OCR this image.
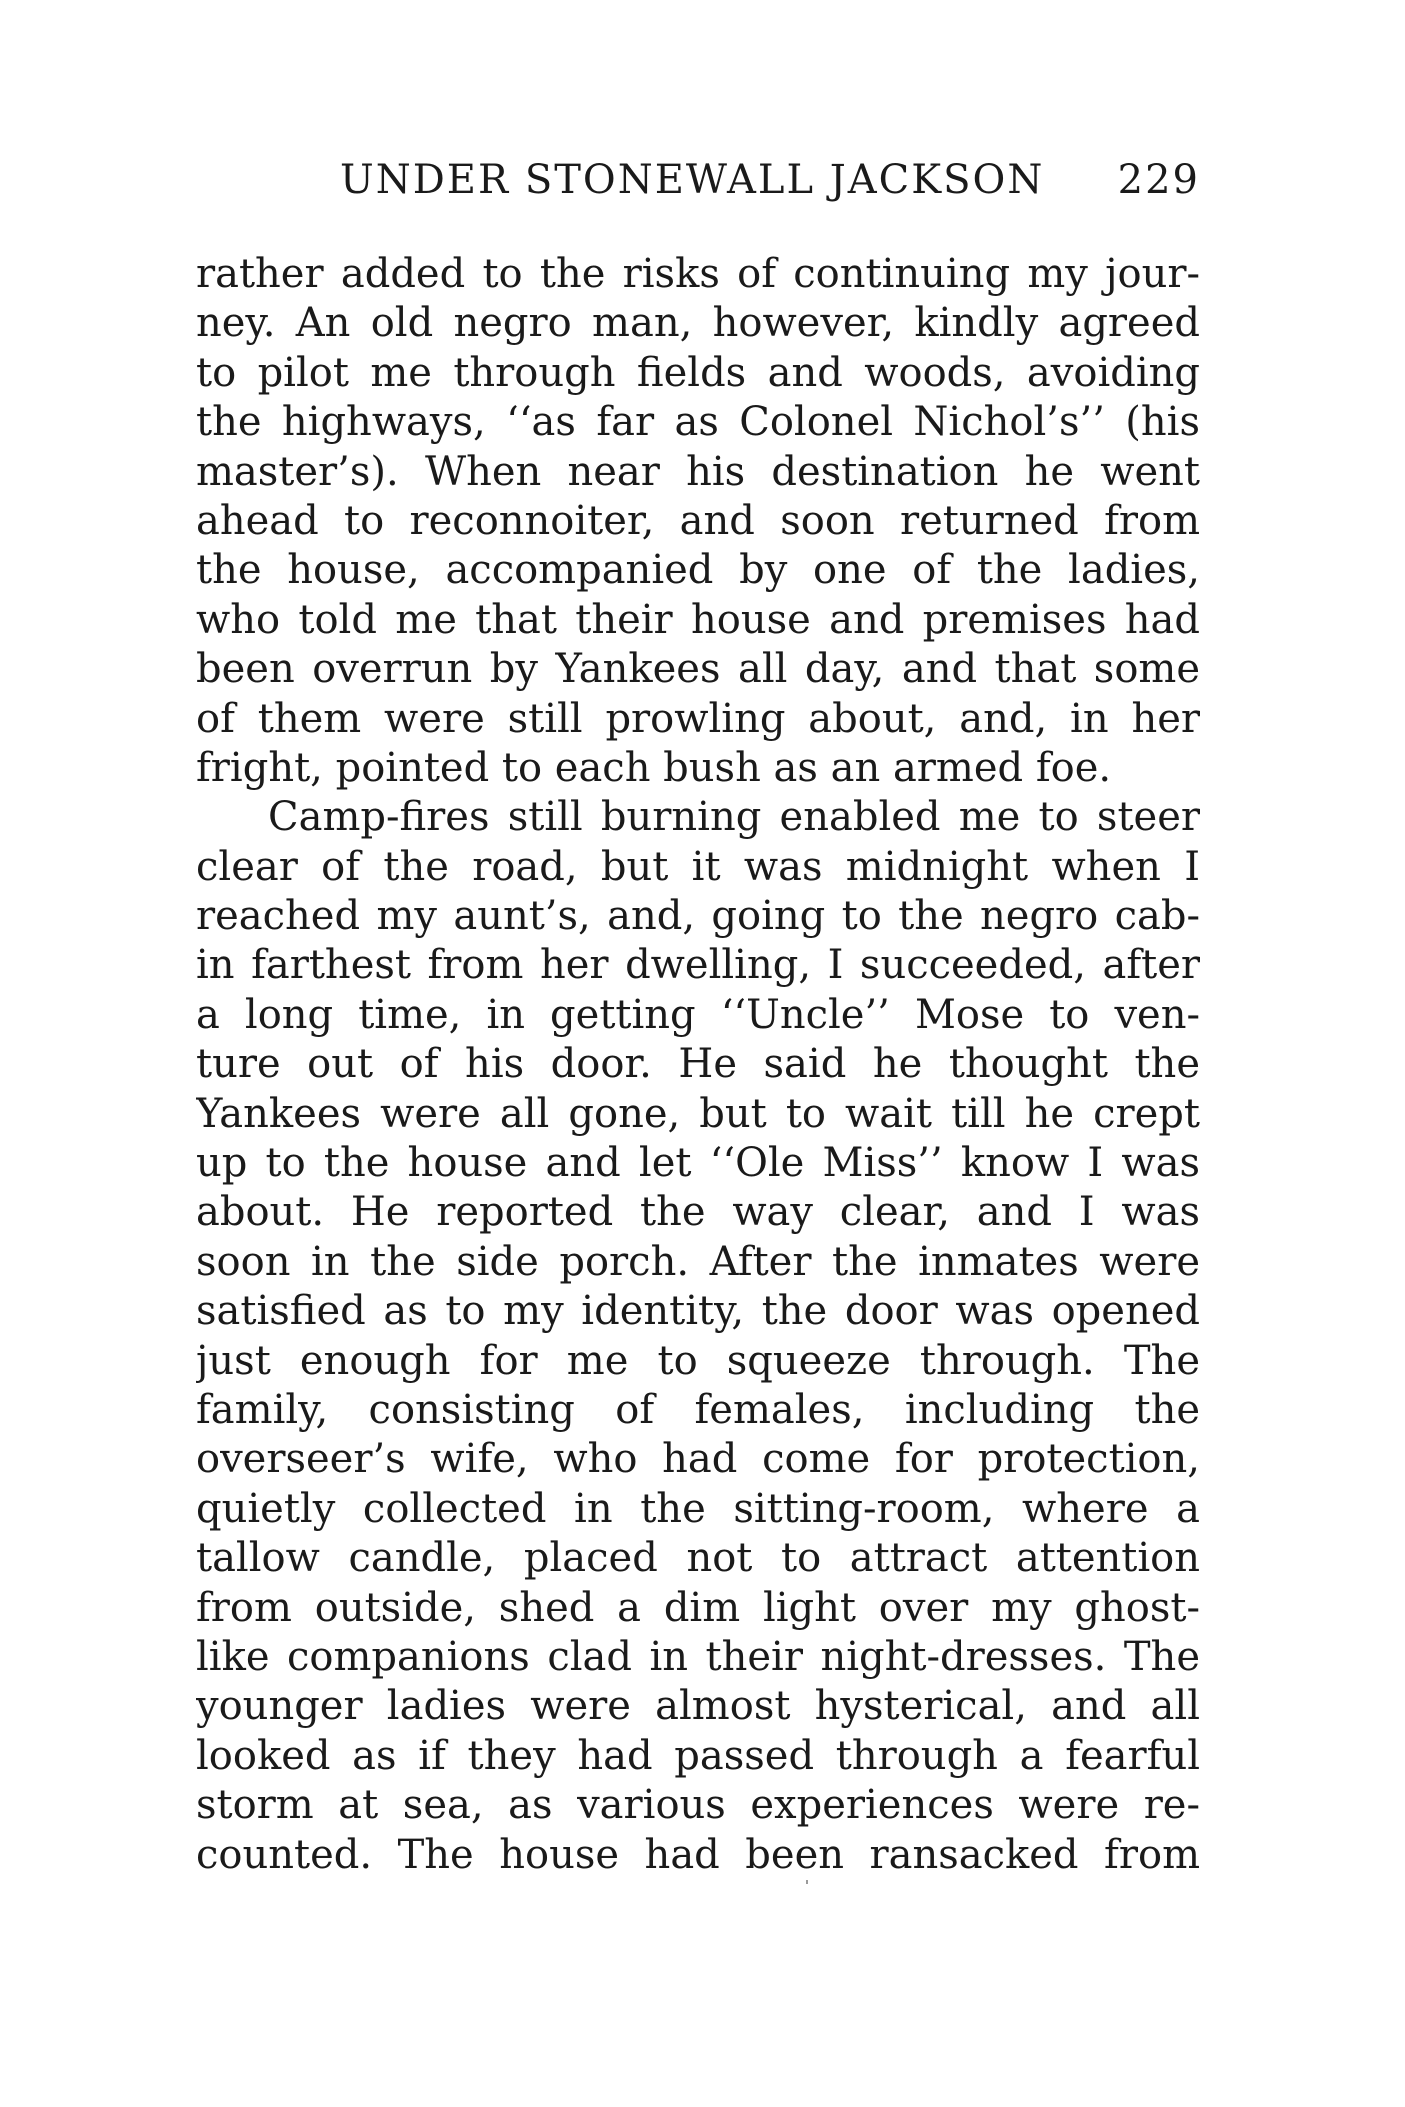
UNDER STONEWALL JACKSON 229
rather added to the risks of continuing my jour-
ney. An old negro man, however, kindly agreed
to pilot me through fields and woods, avoiding
the highways, ‘‘as far as Colonel Nichol’s’’ (his
master’s). When near his destination he went
ahead to reconnoiter, and soon returned from
the house, accompanied by one of the ladies,
who told me that their house and premises had
been overrun by Yankees all day, and that some
of them were still prowling about, and, in her
fright, pointed to each bush as an armed foe.
Camp-fires still burning enabled me to steer
clear of the road, but it was midnight when I
reached my aunt’s, and, going to the negro cab-
in farthest from her dwelling, I succeeded, after
a long time, in getting ‘‘Uncle’’ Mose to ven-
ture out of his door. He said he thought the
Yankees were all gone, but to wait till he crept
up to the house and let ‘‘Ole Miss’’ know I was
about. He reported the way clear, and I was
soon in the side porch. After the inmates were
satisfied as to my identity, the door was opened
just enough for me to squeeze through. The
family, consisting of females, including the
overseer’s wife, who had come for protection,
quietly collected in the sitting-room, where a
tallow candle, placed not to attract attention
from outside, shed a dim light over my ghost-
like companions clad in their night-dresses. The
younger ladies were almost hysterical, and all
looked as if they had passed through a fearful
storm at sea, as various experiences were re-
counted. The house had been ransacked from
